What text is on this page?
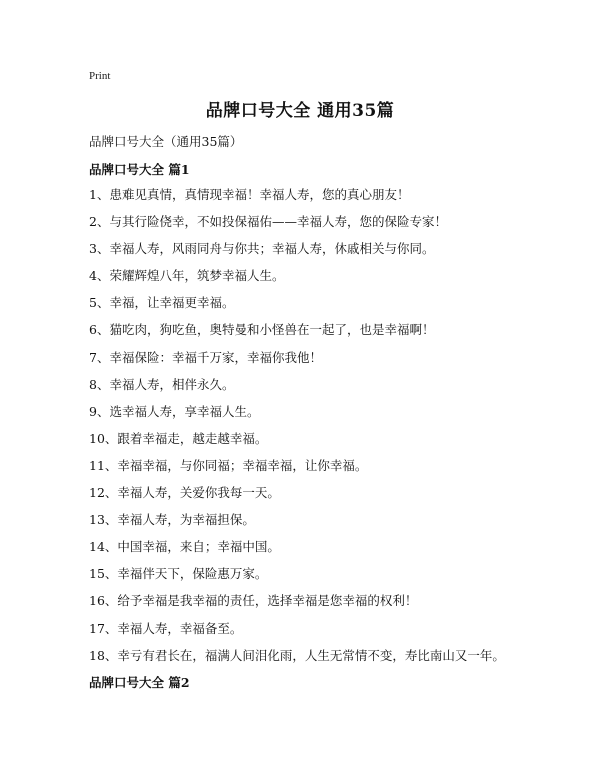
Print
品牌口号大全 通用35篇
品牌口号大全（通用35篇）
品牌口号大全 篇1
1、患难见真情，真情现幸福！幸福人寿，您的真心朋友！
2、与其行险侥幸，不如投保福佑——幸福人寿，您的保险专家！
3、幸福人寿，风雨同舟与你共；幸福人寿，休戚相关与你同。
4、荣耀辉煌八年，筑梦幸福人生。
5、幸福，让幸福更幸福。
6、猫吃肉，狗吃鱼，奥特曼和小怪兽在一起了，也是幸福啊！
7、幸福保险：幸福千万家，幸福你我他！
8、幸福人寿，相伴永久。
9、选幸福人寿，享幸福人生。
10、跟着幸福走，越走越幸福。
11、幸福幸福，与你同福；幸福幸福，让你幸福。
12、幸福人寿，关爱你我每一天。
13、幸福人寿，为幸福担保。
14、中国幸福，来自；幸福中国。
15、幸福伴天下，保险惠万家。
16、给予幸福是我幸福的责任，选择幸福是您幸福的权利！
17、幸福人寿，幸福备至。
18、幸亏有君长在，福满人间泪化雨，人生无常情不变，寿比南山又一年。
品牌口号大全 篇2
